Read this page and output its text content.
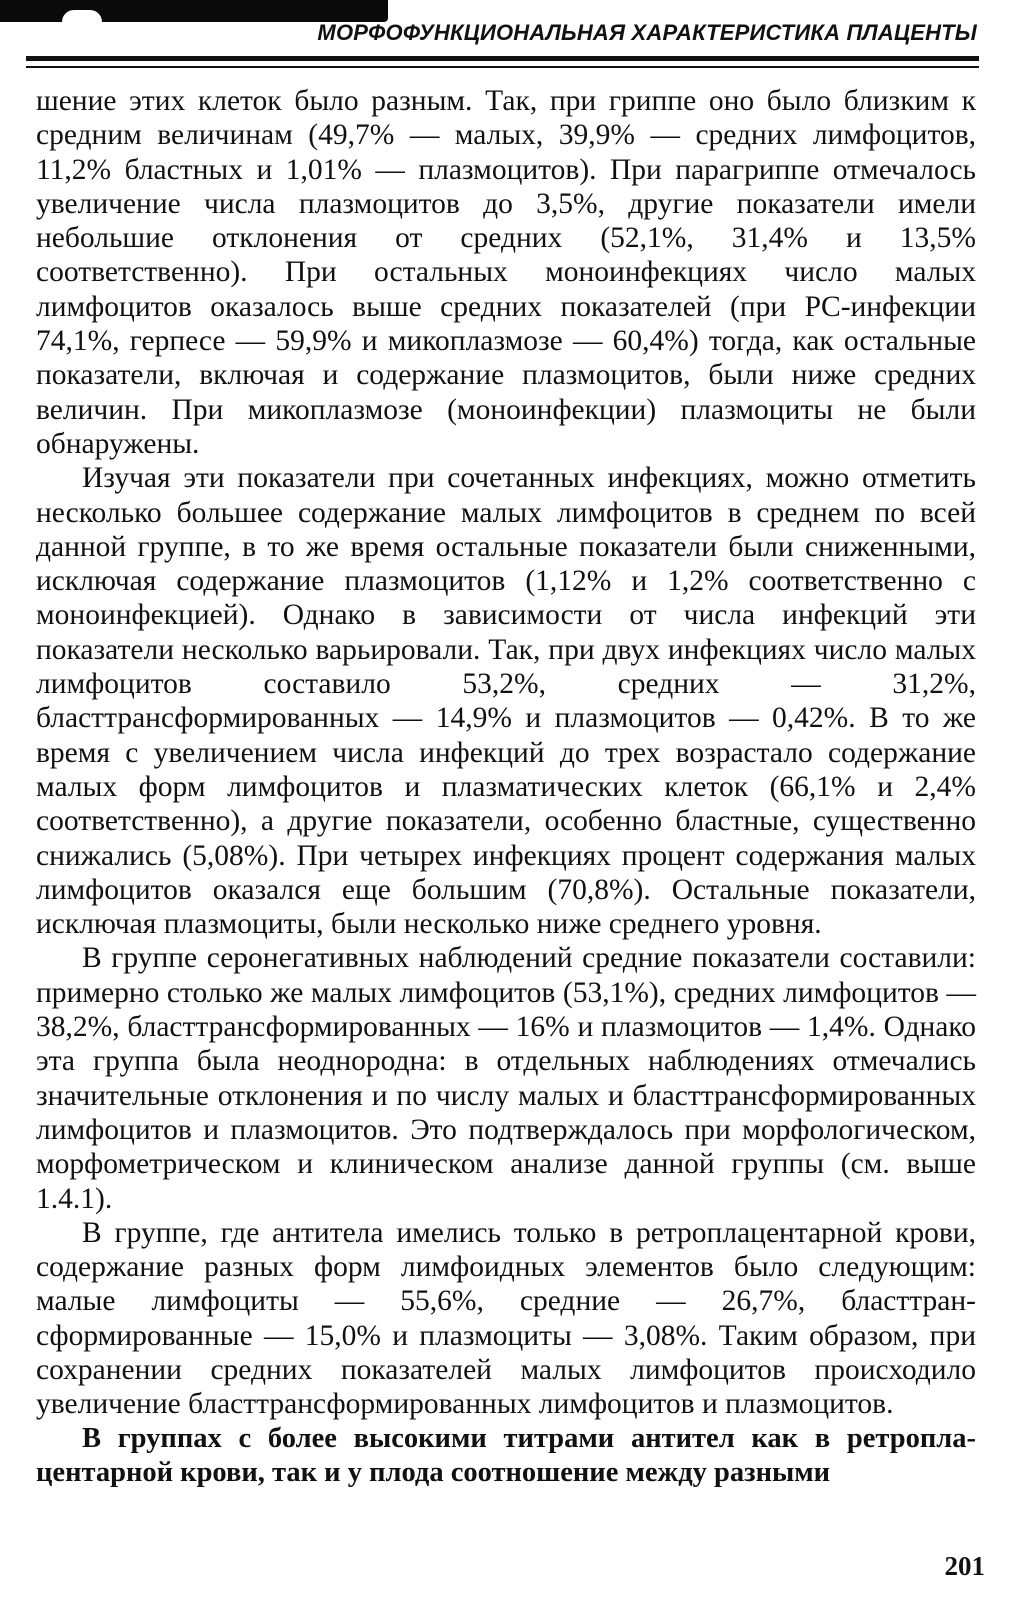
МОРФОФУНКЦИОНАЛЬНАЯ ХАРАКТЕРИСТИКА ПЛАЦЕНТЫ

шение этих клеток было разным. Так, при гриппе оно было близким к средним величинам (49,7% — малых, 39,9% — средних лимфоцитов, 11,2% бластных и 1,01% — плазмоцитов). При парагриппе отмечалось увеличение числа плазмоцитов до 3,5%, другие показатели имели небольшие отклонения от средних (52,1%, 31,4% и 13,5% соответственно). При остальных моноинфекциях число малых лимфоцитов оказалось выше средних показателей (при PC-инфекции 74,1%, герпесе — 59,9% и микоплазмозе — 60,4%) тогда, как остальные показатели, включая и содержание плазмоцитов, были ниже средних величин. При микоплазмозе (моноинфекции) плазмоциты не были обнаружены.

Изучая эти показатели при сочетанных инфекциях, можно отметить несколько большее содержание малых лимфоцитов в среднем по всей данной группе, в то же время остальные показатели были сниженными, исключая содержание плазмоцитов (1,12% и 1,2% соответственно с моноинфекцией). Однако в зависимости от числа инфекций эти показатели несколько варьировали. Так, при двух инфекциях число малых лимфоцитов составило 53,2%, средних — 31,2%, бласттрансформированных — 14,9% и плазмоцитов — 0,42%. В то же время с увеличением числа инфекций до трех возрастало содержание малых форм лимфоцитов и плазматических клеток (66,1% и 2,4% соответственно), а другие показатели, особенно бластные, существенно снижались (5,08%). При четырех инфекциях процент содержания малых лимфоцитов оказался еще большим (70,8%). Остальные показатели, исключая плазмоциты, были несколько ниже среднего уровня.

В группе серонегативных наблюдений средние показатели составили: примерно столько же малых лимфоцитов (53,1%), средних лимфоцитов — 38,2%, бласттрансформированных — 16% и плазмоцитов — 1,4%. Однако эта группа была неоднородна: в отдельных наблюдениях отмечались значительные отклонения и по числу малых и бласттрансформированных лимфоцитов и плазмоцитов. Это подтверждалось при морфологическом, морфометрическом и клиническом анализе данной группы (см. выше 1.4.1).

В группе, где антитела имелись только в ретроплацентарной крови, содержание разных форм лимфоидных элементов было следующим: малые лимфоциты — 55,6%, средние — 26,7%, бласттрансформированные — 15,0% и плазмоциты — 3,08%. Таким образом, при сохранении средних показателей малых лимфоцитов происходило увеличение бласттрансформированных лимфоцитов и плазмоцитов.

В группах с более высокими титрами антител как в ретроплацентарной крови, так и у плода соотношение между разными

201
